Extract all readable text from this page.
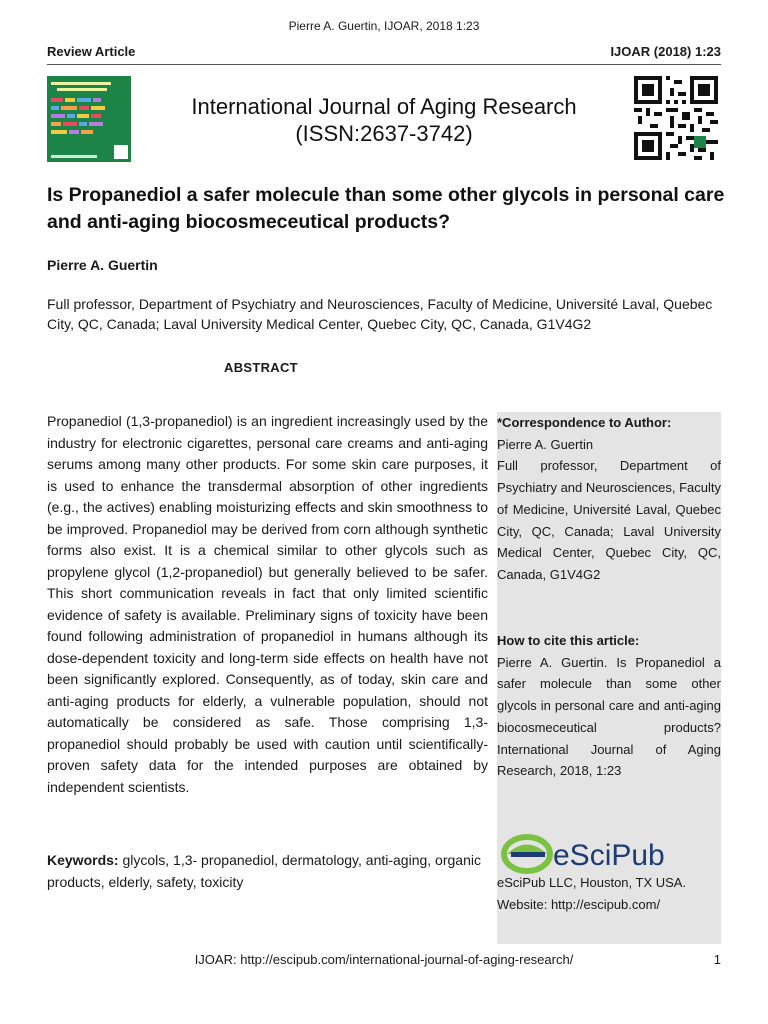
Pierre A. Guertin, IJOAR, 2018 1:23
Review Article	IJOAR (2018) 1:23
International Journal of Aging Research
(ISSN:2637-3742)
Is Propanediol a safer molecule than some other glycols in personal care and anti-aging biocosmeceutical products?
Pierre A. Guertin
Full professor, Department of Psychiatry and Neurosciences, Faculty of Medicine, Université Laval, Quebec City, QC, Canada; Laval University Medical Center, Quebec City, QC, Canada, G1V4G2
ABSTRACT
Propanediol (1,3-propanediol) is an ingredient increasingly used by the industry for electronic cigarettes, personal care creams and anti-aging serums among many other products. For some skin care purposes, it is used to enhance the transdermal absorption of other ingredients (e.g., the actives) enabling moisturizing effects and skin smoothness to be improved. Propanediol may be derived from corn although synthetic forms also exist. It is a chemical similar to other glycols such as propylene glycol (1,2-propanediol) but generally believed to be safer. This short communication reveals in fact that only limited scientific evidence of safety is available. Preliminary signs of toxicity have been found following administration of propanediol in humans although its dose-dependent toxicity and long-term side effects on health have not been significantly explored. Consequently, as of today, skin care and anti-aging products for elderly, a vulnerable population, should not automatically be considered as safe. Those comprising 1,3-propanediol should probably be used with caution until scientifically-proven safety data for the intended purposes are obtained by independent scientists.
Keywords: glycols, 1,3- propanediol, dermatology, anti-aging, organic products, elderly, safety, toxicity
*Correspondence to Author:
Pierre A. Guertin
Full professor, Department of Psychiatry and Neurosciences, Faculty of Medicine, Université Laval, Quebec City, QC, Canada; Laval University Medical Center, Quebec City, QC, Canada, G1V4G2
How to cite this article:
Pierre A. Guertin. Is Propanediol a safer molecule than some other glycols in personal care and anti-aging biocosmeceutical products? International Journal of Aging Research, 2018, 1:23
eSciPub
eSciPub LLC, Houston, TX USA.
Website: http://escipub.com/
IJOAR: http://escipub.com/international-journal-of-aging-research/	1
